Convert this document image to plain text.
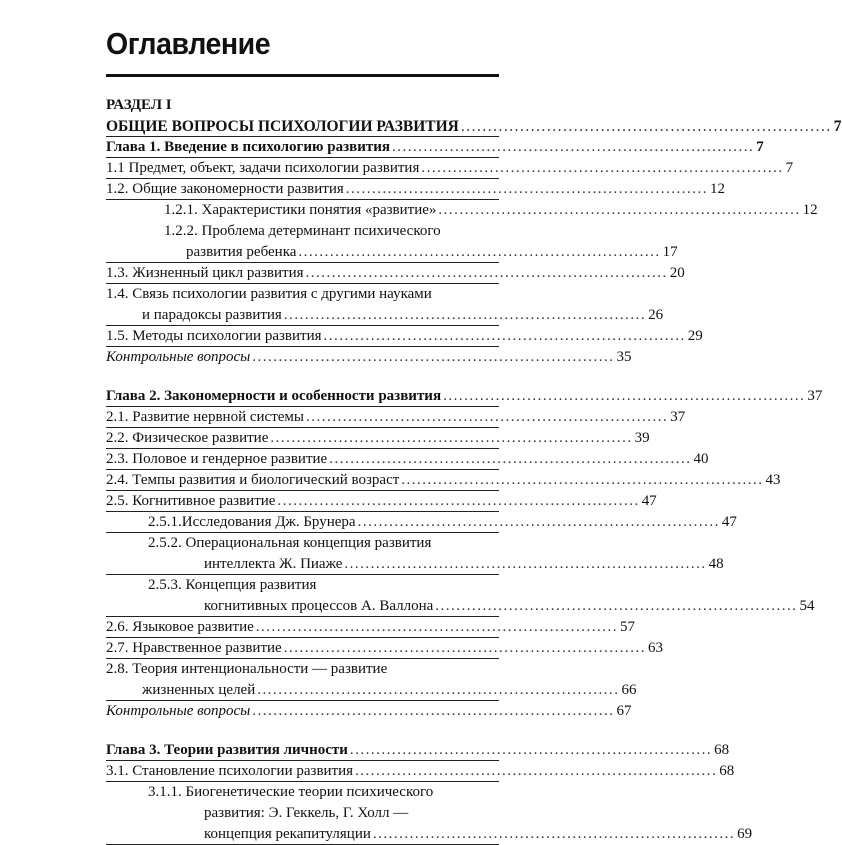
Оглавление
РАЗДЕЛ I
ОБЩИЕ ВОПРОСЫ ПСИХОЛОГИИ РАЗВИТИЯ ..................................................................... 7
Глава 1. Введение в психологию развития ..................................................................... 7
1.1 Предмет, объект, задачи психологии развития ..................................................................... 7
1.2. Общие закономерности развития ..................................................................... 12
1.2.1. Характеристики понятия «развитие» ..................................................................... 12
1.2.2. Проблема детерминант психического
развития ребенка ..................................................................... 17
1.3. Жизненный цикл развития ..................................................................... 20
1.4. Связь психологии развития с другими науками
и парадоксы развития ..................................................................... 26
1.5. Методы психологии развития ..................................................................... 29
Контрольные вопросы ..................................................................... 35
Глава 2. Закономерности и особенности развития ..................................................................... 37
2.1. Развитие нервной системы ..................................................................... 37
2.2. Физическое развитие ..................................................................... 39
2.3. Половое и гендерное развитие ..................................................................... 40
2.4. Темпы развития и биологический возраст ..................................................................... 43
2.5. Когнитивное развитие ..................................................................... 47
2.5.1.Исследования Дж. Брунера ..................................................................... 47
2.5.2. Операциональная концепция развития
интеллекта Ж. Пиаже ..................................................................... 48
2.5.3. Концепция развития
когнитивных процессов А. Валлона ..................................................................... 54
2.6. Языковое развитие ..................................................................... 57
2.7. Нравственное развитие ..................................................................... 63
2.8. Теория интенциональности — развитие
жизненных целей ..................................................................... 66
Контрольные вопросы ..................................................................... 67
Глава 3. Теории развития личности ..................................................................... 68
3.1. Становление психологии развития ..................................................................... 68
3.1.1. Биогенетические теории психического
развития: Э. Геккель, Г. Холл —
концепция рекапитуляции ..................................................................... 69
